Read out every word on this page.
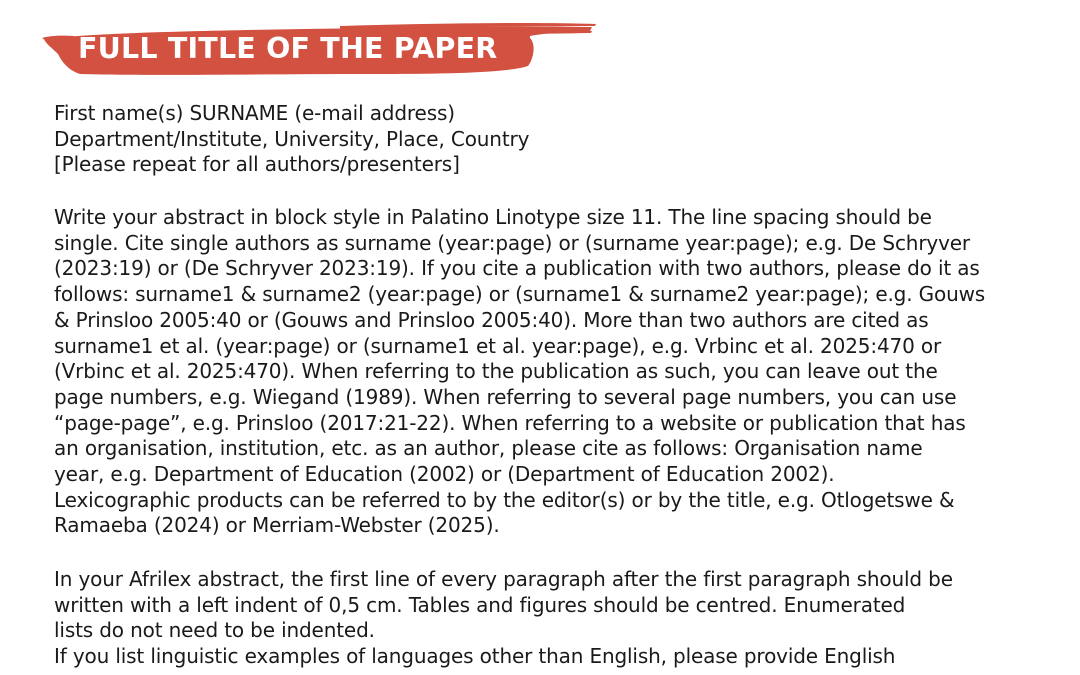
FULL TITLE OF THE PAPER
First name(s) SURNAME (e-mail address)
Department/Institute, University, Place, Country
[Please repeat for all authors/presenters]
Write your abstract in block style in Palatino Linotype size 11. The line spacing should be
single. Cite single authors as surname (year:page) or (surname year:page); e.g. De Schryver
(2023:19) or (De Schryver 2023:19). If you cite a publication with two authors, please do it as
follows: surname1 & surname2 (year:page) or (surname1 & surname2 year:page); e.g. Gouws
& Prinsloo 2005:40 or (Gouws and Prinsloo 2005:40). More than two authors are cited as
surname1 et al. (year:page) or (surname1 et al. year:page), e.g. Vrbinc et al. 2025:470 or
(Vrbinc et al. 2025:470). When referring to the publication as such, you can leave out the
page numbers, e.g. Wiegand (1989). When referring to several page numbers, you can use
“page-page”, e.g. Prinsloo (2017:21-22). When referring to a website or publication that has
an organisation, institution, etc. as an author, please cite as follows: Organisation name
year, e.g. Department of Education (2002) or (Department of Education 2002).
Lexicographic products can be referred to by the editor(s) or by the title, e.g. Otlogetswe &
Ramaeba (2024) or Merriam-Webster (2025).
In your Afrilex abstract, the first line of every paragraph after the first paragraph should be
written with a left indent of 0,5 cm. Tables and figures should be centred. Enumerated
lists do not need to be indented.
If you list linguistic examples of languages other than English, please provide English
